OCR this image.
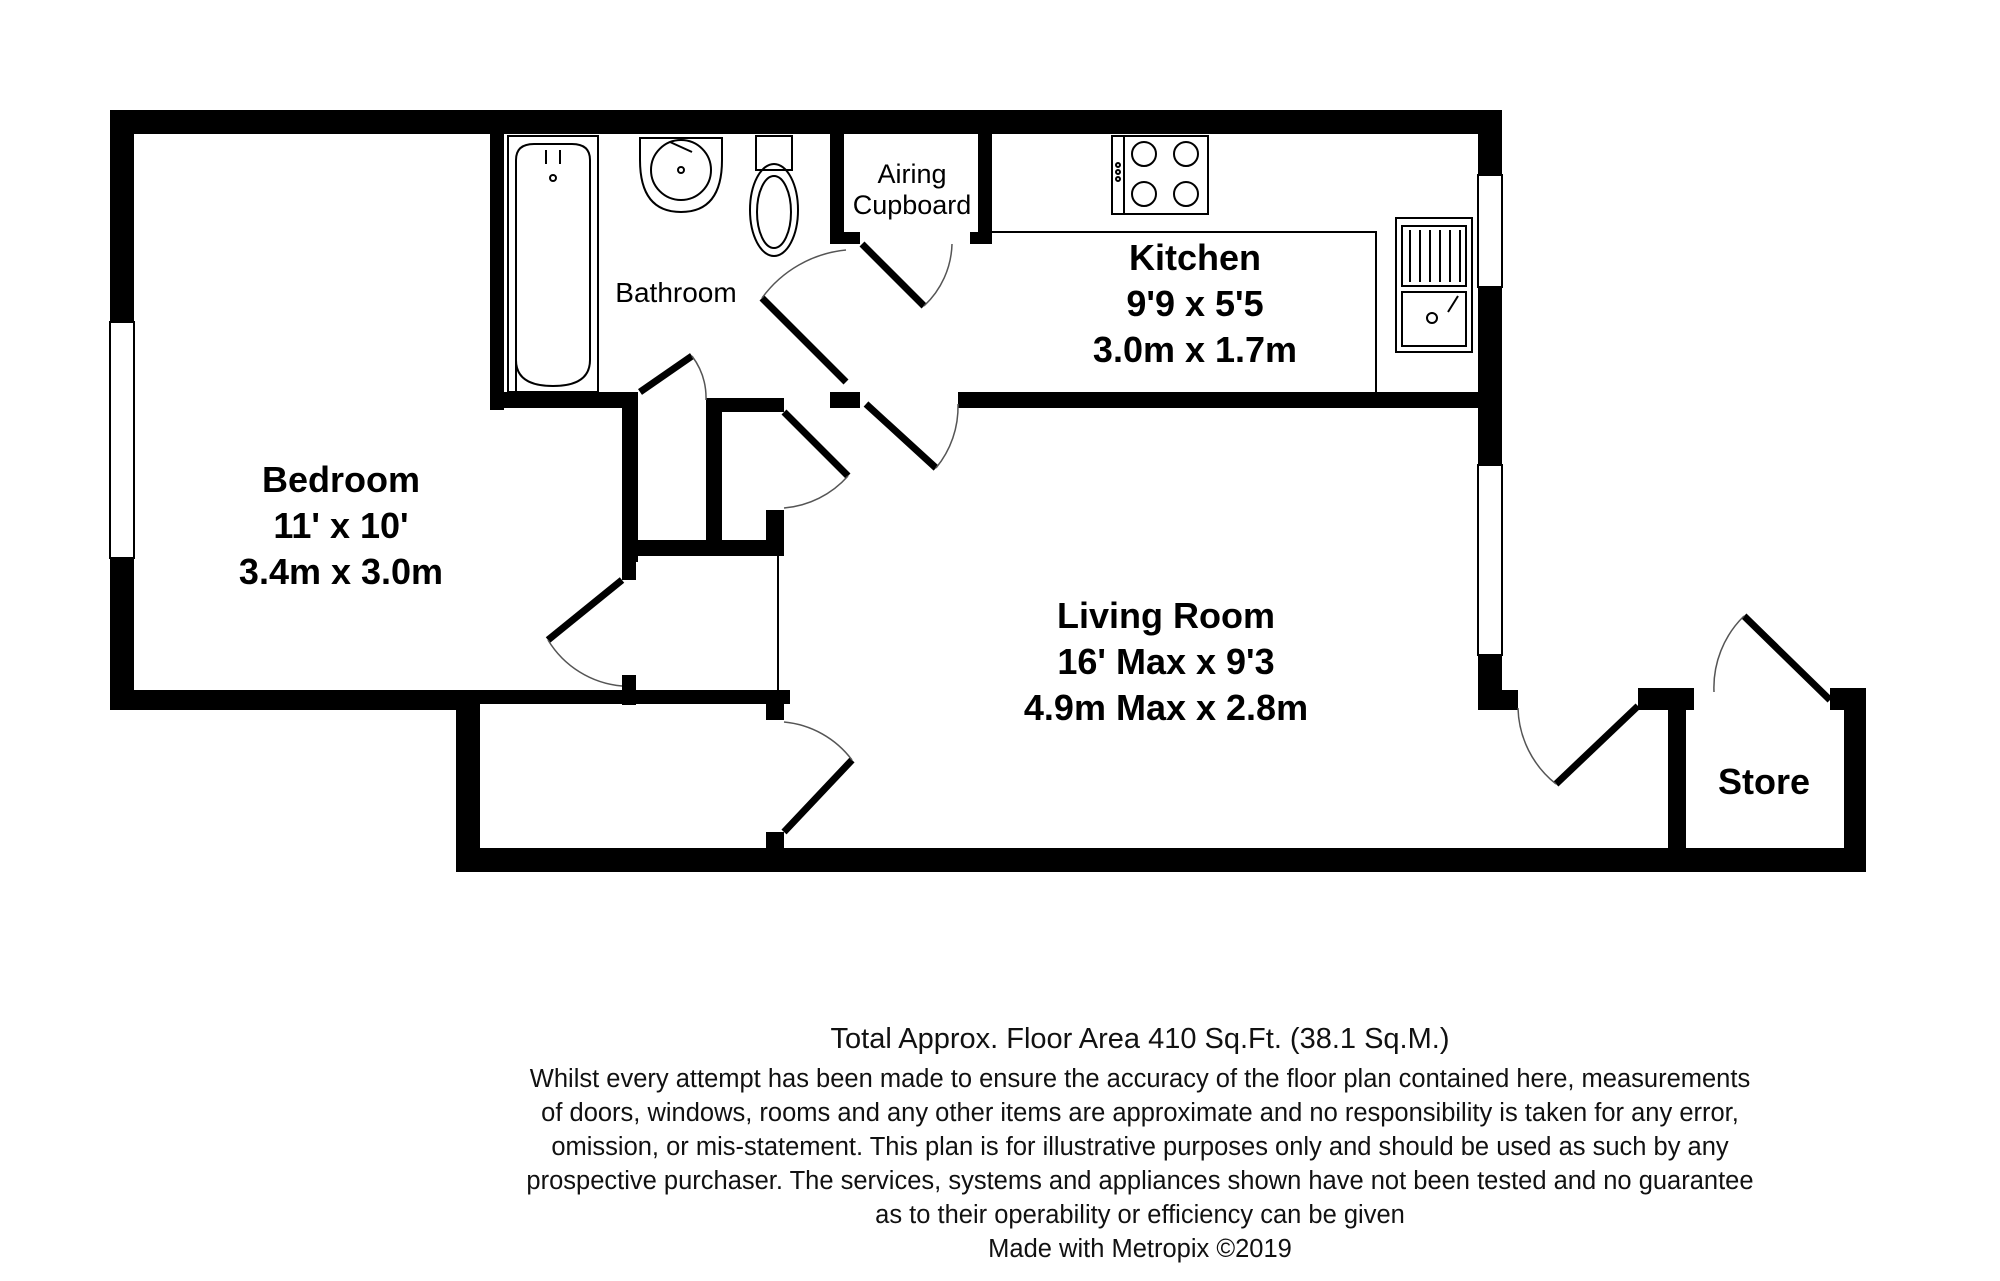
Bedroom
11' x 10'
3.4m x 3.0m
Bathroom
Airing
Cupboard
Kitchen
9'9 x 5'5
3.0m x 1.7m
Living Room
16' Max x 9'3
4.9m Max x 2.8m
Store
Total Approx. Floor Area 410 Sq.Ft. (38.1 Sq.M.)
Whilst every attempt has been made to ensure the accuracy of the floor plan contained here, measurements
of doors, windows, rooms and any other items are approximate and no responsibility is taken for any error,
omission, or mis-statement. This plan is for illustrative purposes only and should be used as such by any
prospective purchaser. The services, systems and appliances shown have not been tested and no guarantee
as to their operability or efficiency can be given
Made with Metropix ©2019
